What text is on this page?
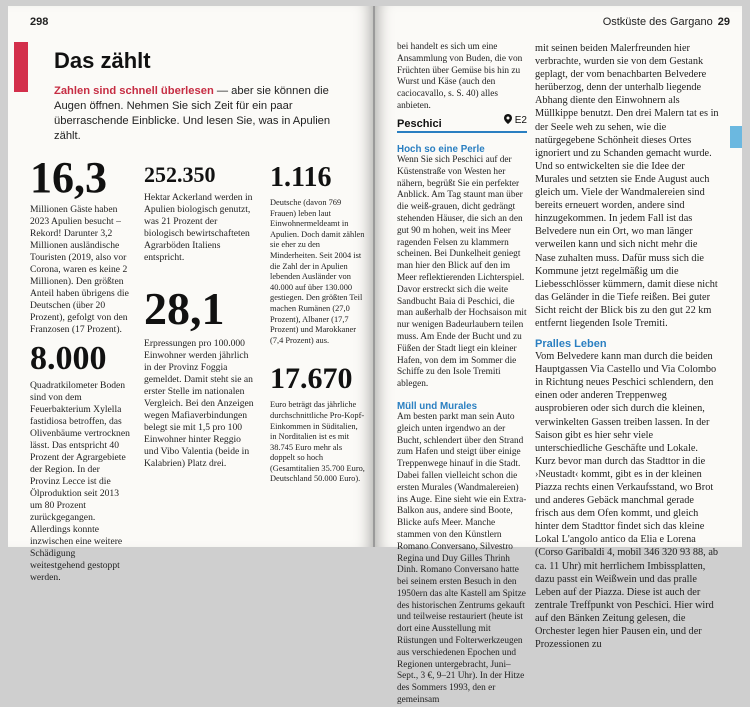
298
Das zählt
Zahlen sind schnell überlesen — aber sie können die Augen öffnen. Nehmen Sie sich Zeit für ein paar überraschende Einblicke. Und lesen Sie, was in Apulien zählt.
16,3

Millionen Gäste haben 2023 Apulien besucht – Rekord! Darunter 3,2 Millionen ausländische Touristen (2019, also vor Corona, waren es keine 2 Millionen). Den größten Anteil haben übrigens die Deutschen (über 20 Prozent), gefolgt von den Franzosen (17 Prozent).

8.000

Quadratkilometer Boden sind von dem Feuerbakterium Xylella fastidiosa betroffen, das Olivenbäume vertrocknen lässt. Das entspricht 40 Prozent der Agrargebiete der Region. In der Provinz Lecce ist die Ölproduktion seit 2013 um 80 Prozent zurückgegangen. Allerdings konnte inzwischen eine weitere Schädigung weitestgehend gestoppt werden.

252.350

Hektar Ackerland werden in Apulien biologisch genutzt, was 21 Prozent der biologisch bewirtschafteten Agrarböden Italiens entspricht.

28,1

Erpressungen pro 100.000 Einwohner werden jährlich in der Provinz Foggia gemeldet. Damit steht sie an erster Stelle im nationalen Vergleich. Bei den Anzeigen wegen Mafiaverbindungen belegt sie mit 1,5 pro 100 Einwohner hinter Reggio und Vibo Valentia (beide in Kalabrien) Platz drei.

1.116

Deutsche (davon 769 Frauen) leben laut Einwohnermeldeamt in Apulien. Doch damit zählen sie eher zu den Minderheiten. Seit 2004 ist die Zahl der in Apulien lebenden Ausländer von 40.000 auf über 130.000 gestiegen. Den größten Teil machen Rumänen (27,0 Prozent), Albaner (17,7 Prozent) und Marokkaner (7,4 Prozent) aus.

17.670

Euro beträgt das jährliche durchschnittliche Pro-Kopf-Einkommen in Süditalien, in Norditalien ist es mit 38.745 Euro mehr als doppelt so hoch (Gesamtitalien 35.700 Euro, Deutschland 50.000 Euro).

Ostküste des Gargano 29

bei handelt es sich um eine Ansammlung von Buden, die von Früchten über Gemüse bis hin zu Wurst und Käse (auch den caciocavallo, s. S. 40) alles anbieten.

Peschici	E2

Hoch so eine Perle

Wenn Sie sich Peschici auf der Küstenstraße von Westen her nähern, begrüßt Sie ein perfekter Anblick. Am Tag staunt man über die weiß-grauen, dicht gedrängt stehenden Häuser, die sich an den gut 90 m hohen, weit ins Meer ragenden Felsen zu klammern scheinen. Bei Dunkelheit geniegt man hier den Blick auf den im Meer reflektierenden Lichterspiel. Davor erstreckt sich die weite Sandbucht Baia di Peschici, die man außerhalb der Hochsaison mit nur wenigen Badeurlaubern teilen muss. Am Ende der Bucht und zu Füßen der Stadt liegt ein kleiner Hafen, von dem im Sommer die Schiffe zu den Isole Tremiti ablegen.

Müll und Murales

Am besten parkt man sein Auto gleich unten irgendwo an der Bucht, schlendert über den Strand zum Hafen und steigt über einige Treppenwege hinauf in die Stadt. Dabei fallen vielleicht schon die ersten Murales (Wandmalereien) ins Auge. Eine sieht wie ein Extra-Balkon aus, andere sind Boote, Blicke aufs Meer. Manche stammen von den Künstlern Romano Conversano, Silvestro Regina und Duy Gilles Thrinh Dinh. Romano Conversano hatte bei seinem ersten Besuch in den 1950ern das alte Kastell am Spitze des historischen Zentrums gekauft und teilweise restauriert (heute ist dort eine Ausstellung mit Rüstungen und Folterwerkzeugen aus verschiedenen Epochen und Regionen untergebracht, Juni–Sept., 3 €, 9–21 Uhr). In der Hitze des Sommers 1993, den er gemeinsam

mit seinen beiden Malerfreunden hier verbrachte, wurden sie von dem Gestank geplagt, der vom benachbarten Belvedere herüberzog, denn der unterhalb liegende Abhang diente den Einwohnern als Müllkippe benutzt. Den drei Malern tat es in der Seele weh zu sehen, wie die natürgegebene Schönheit dieses Ortes ignoriert und zu Schanden gemacht wurde. Und so entwickelten sie die Idee der Murales und setzten sie Ende August auch gleich um. Viele der Wandmalereien sind bereits erneuert worden, andere sind hinzugekommen. In jedem Fall ist das Belvedere nun ein Ort, wo man länger verweilen kann und sich nicht mehr die Nase zuhalten muss. Dafür muss sich die Kommune jetzt regelmäßig um die Liebesschlösser kümmern, damit diese nicht das Geländer in die Tiefe reißen. Bei guter Sicht reicht der Blick bis zu den gut 22 km entfernt liegenden Isole Tremiti.

Pralles Leben

Vom Belvedere kann man durch die beiden Hauptgassen Via Castello und Via Colombo in Richtung neues Peschici schlendern, den einen oder anderen Treppenweg ausprobieren oder sich durch die kleinen, verwinkelten Gassen treiben lassen. In der Saison gibt es hier sehr viele unterschiedliche Geschäfte und Lokale. Kurz bevor man durch das Stadttor in die ›Neustadt‹ kommt, gibt es in der kleinen Piazza rechts einen Verkaufsstand, wo Brot und anderes Gebäck manchmal gerade frisch aus dem Ofen kommt, und gleich hinter dem Stadttor findet sich das kleine Lokal L'angolo antico da Elia e Lorena (Corso Garibaldi 4, mobil 346 320 93 88, ab ca. 11 Uhr) mit herrlichem Imbissplatten, dazu passt ein Weißwein und das pralle Leben auf der Piazza. Diese ist auch der zentrale Treffpunkt von Peschici. Hier wird auf den Bänken Zeitung gelesen, die Orchester legen hier Pausen ein, und der Prozessionen zu
